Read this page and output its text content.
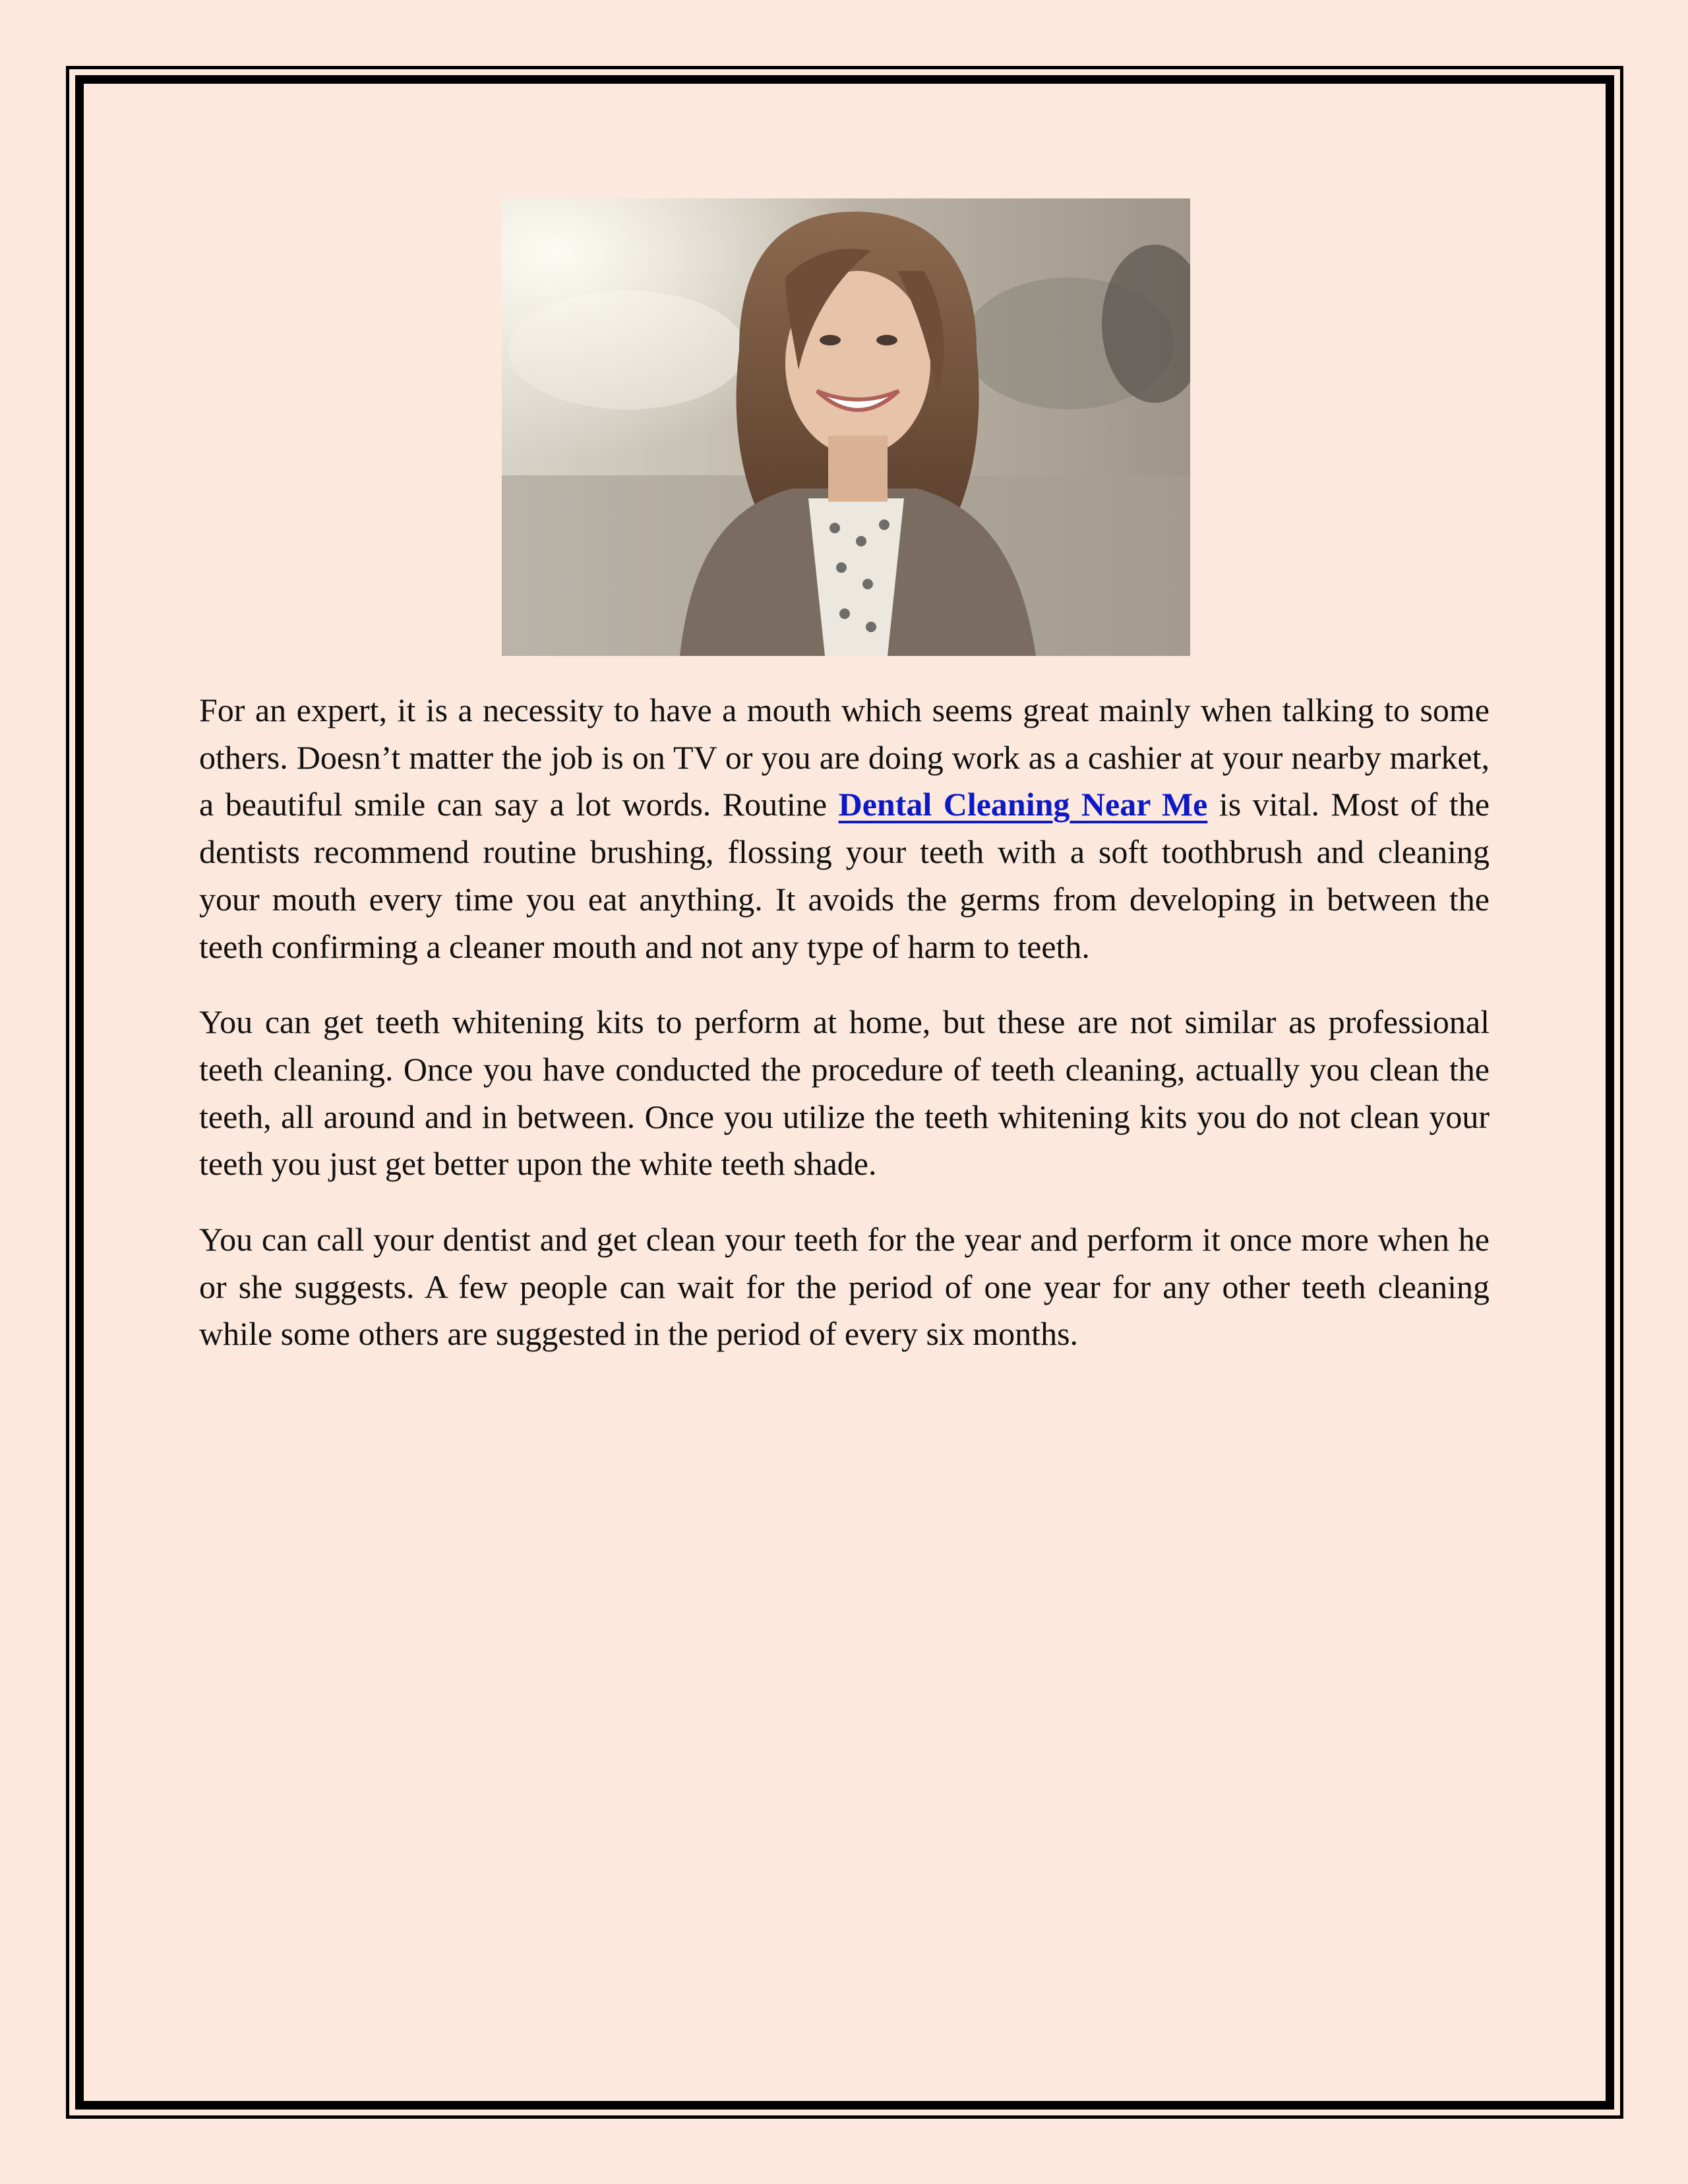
For an expert, it is a necessity to have a mouth which seems great mainly when talking to some others. Doesn’t matter the job is on TV or you are doing work as a cashier at your nearby market, a beautiful smile can say a lot words. Routine Dental Cleaning Near Me is vital. Most of the dentists recommend routine brushing, flossing your teeth with a soft toothbrush and cleaning your mouth every time you eat anything. It avoids the germs from developing in between the teeth confirming a cleaner mouth and not any type of harm to teeth.

You can get teeth whitening kits to perform at home, but these are not similar as professional teeth cleaning. Once you have conducted the procedure of teeth cleaning, actually you clean the teeth, all around and in between. Once you utilize the teeth whitening kits you do not clean your teeth you just get better upon the white teeth shade.

You can call your dentist and get clean your teeth for the year and perform it once more when he or she suggests. A few people can wait for the period of one year for any other teeth cleaning while some others are suggested in the period of every six months.
